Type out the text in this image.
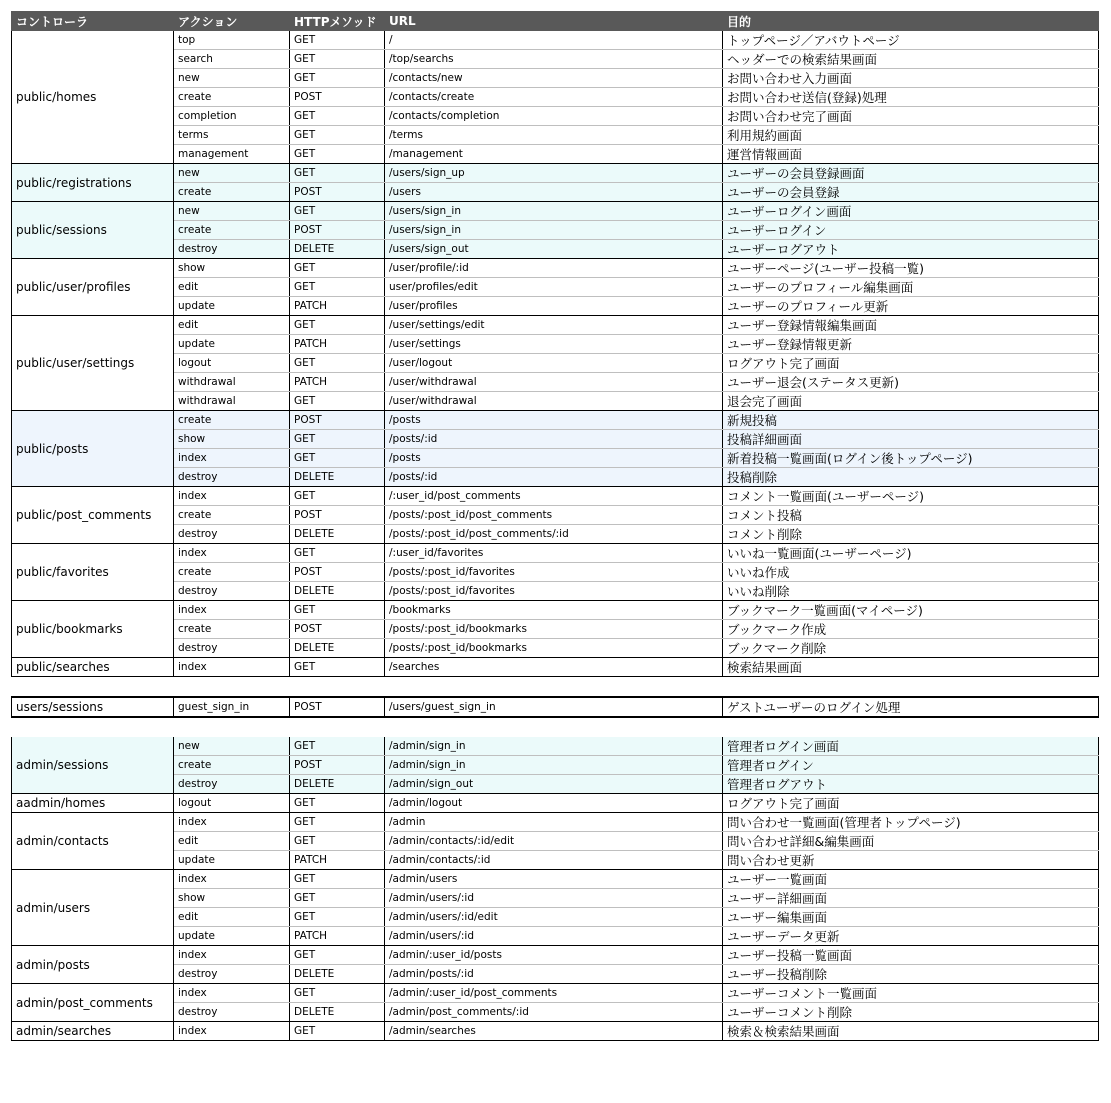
コントローラ	アクション	HTTPメソッド	URL	目的
public/homes	top	GET	/	トップページ／アバウトページ
	search	GET	/top/searchs	ヘッダーでの検索結果画面
	new	GET	/contacts/new	お問い合わせ入力画面
	create	POST	/contacts/create	お問い合わせ送信(登録)処理
	completion	GET	/contacts/completion	お問い合わせ完了画面
	terms	GET	/terms	利用規約画面
	management	GET	/management	運営情報画面
public/registrations	new	GET	/users/sign_up	ユーザーの会員登録画面
	create	POST	/users	ユーザーの会員登録
public/sessions	new	GET	/users/sign_in	ユーザーログイン画面
	create	POST	/users/sign_in	ユーザーログイン
	destroy	DELETE	/users/sign_out	ユーザーログアウト
public/user/profiles	show	GET	/user/profile/:id	ユーザーページ(ユーザー投稿一覧)
	edit	GET	user/profiles/edit	ユーザーのプロフィール編集画面
	update	PATCH	/user/profiles	ユーザーのプロフィール更新
public/user/settings	edit	GET	/user/settings/edit	ユーザー登録情報編集画面
	update	PATCH	/user/settings	ユーザー登録情報更新
	logout	GET	/user/logout	ログアウト完了画面
	withdrawal	PATCH	/user/withdrawal	ユーザー退会(ステータス更新)
	withdrawal	GET	/user/withdrawal	退会完了画面
public/posts	create	POST	/posts	新規投稿
	show	GET	/posts/:id	投稿詳細画面
	index	GET	/posts	新着投稿一覧画面(ログイン後トップページ)
	destroy	DELETE	/posts/:id	投稿削除
public/post_comments	index	GET	/:user_id/post_comments	コメント一覧画面(ユーザーページ)
	create	POST	/posts/:post_id/post_comments	コメント投稿
	destroy	DELETE	/posts/:post_id/post_comments/:id	コメント削除
public/favorites	index	GET	/:user_id/favorites	いいね一覧画面(ユーザーページ)
	create	POST	/posts/:post_id/favorites	いいね作成
	destroy	DELETE	/posts/:post_id/favorites	いいね削除
public/bookmarks	index	GET	/bookmarks	ブックマーク一覧画面(マイページ)
	create	POST	/posts/:post_id/bookmarks	ブックマーク作成
	destroy	DELETE	/posts/:post_id/bookmarks	ブックマーク削除
public/searches	index	GET	/searches	検索結果画面

users/sessions	guest_sign_in	POST	/users/guest_sign_in	ゲストユーザーのログイン処理

admin/sessions	new	GET	/admin/sign_in	管理者ログイン画面
	create	POST	/admin/sign_in	管理者ログイン
	destroy	DELETE	/admin/sign_out	管理者ログアウト
aadmin/homes	logout	GET	/admin/logout	ログアウト完了画面
admin/contacts	index	GET	/admin	問い合わせ一覧画面(管理者トップページ)
	edit	GET	/admin/contacts/:id/edit	問い合わせ詳細&編集画面
	update	PATCH	/admin/contacts/:id	問い合わせ更新
admin/users	index	GET	/admin/users	ユーザー一覧画面
	show	GET	/admin/users/:id	ユーザー詳細画面
	edit	GET	/admin/users/:id/edit	ユーザー編集画面
	update	PATCH	/admin/users/:id	ユーザーデータ更新
admin/posts	index	GET	/admin/:user_id/posts	ユーザー投稿一覧画面
	destroy	DELETE	/admin/posts/:id	ユーザー投稿削除
admin/post_comments	index	GET	/admin/:user_id/post_comments	ユーザーコメント一覧画面
	destroy	DELETE	/admin/post_comments/:id	ユーザーコメント削除
admin/searches	index	GET	/admin/searches	検索＆検索結果画面
